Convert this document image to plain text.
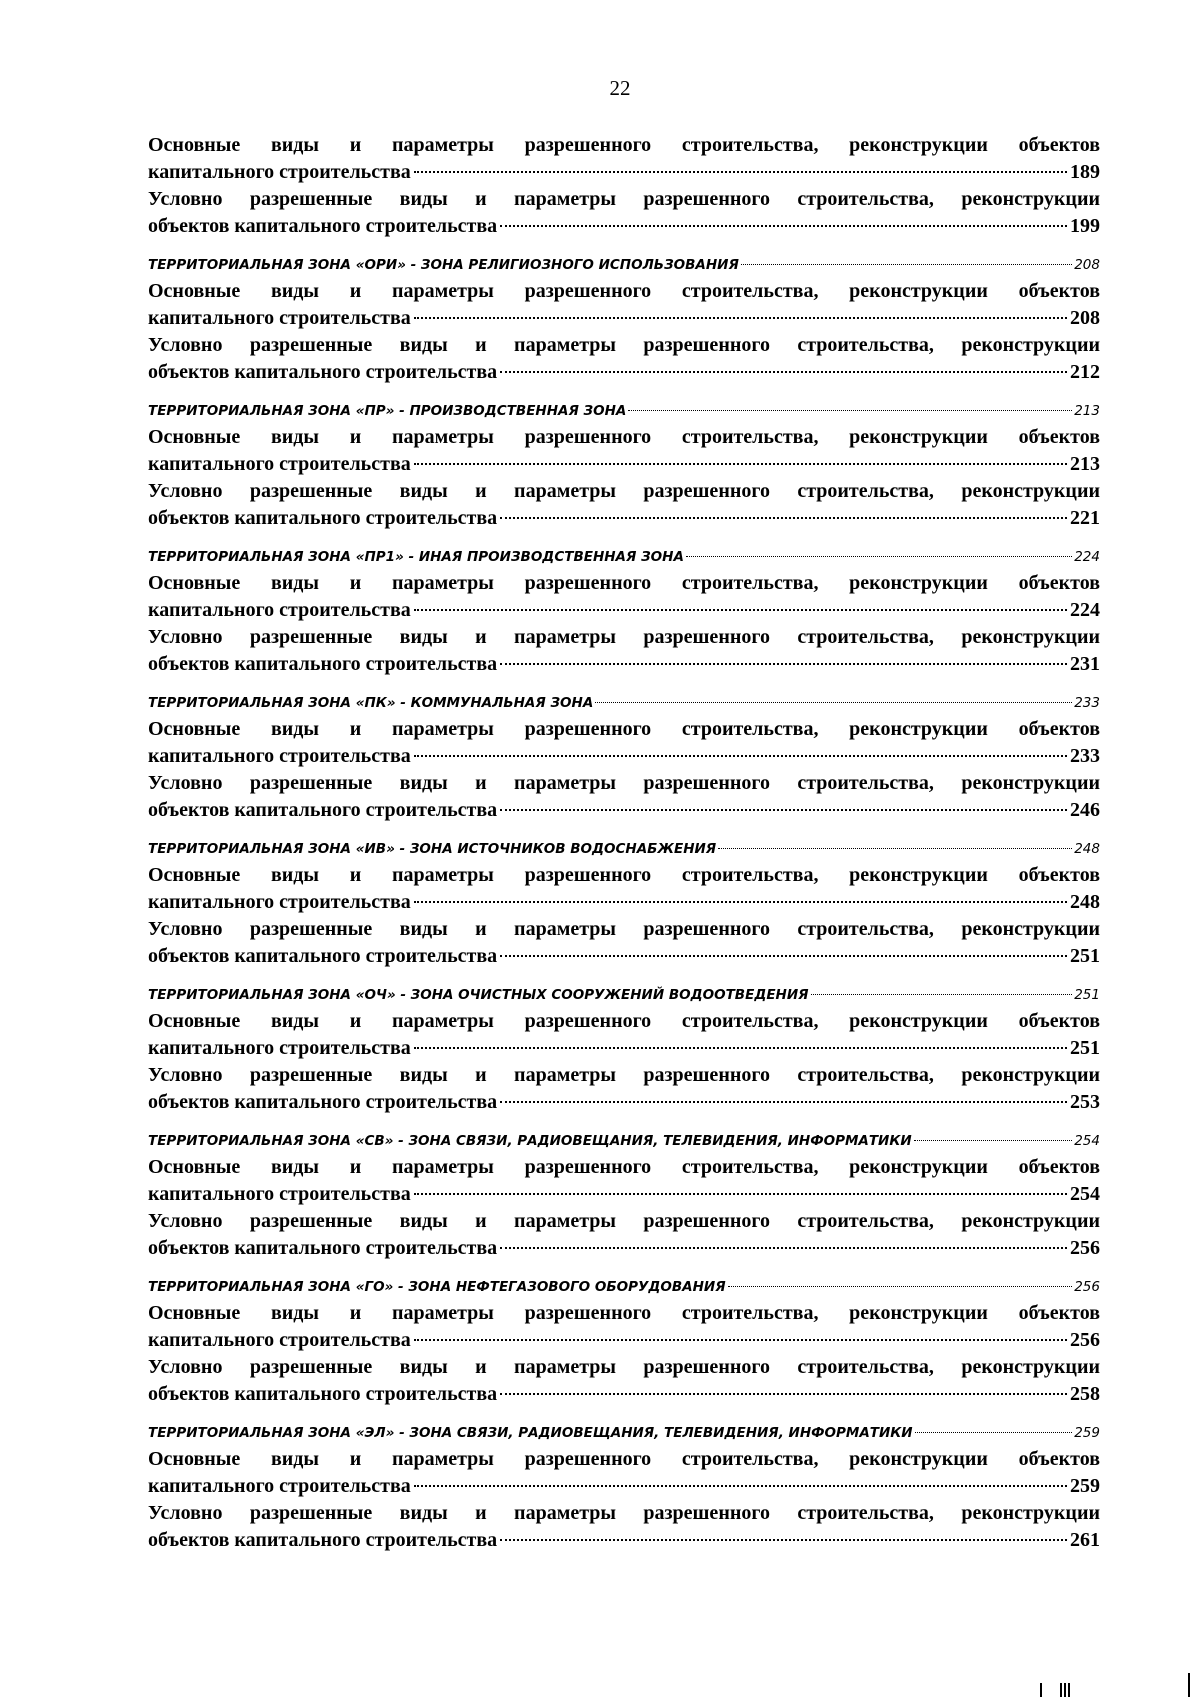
22
Основные виды и параметры разрешенного строительства, реконструкции объектов
капитального строительства	189
Условно разрешенные виды и параметры разрешенного строительства, реконструкции
объектов капитального строительства	199
ТЕРРИТОРИАЛЬНАЯ ЗОНА «ОРИ» - ЗОНА РЕЛИГИОЗНОГО ИСПОЛЬЗОВАНИЯ	208
Основные виды и параметры разрешенного строительства, реконструкции объектов
капитального строительства	208
Условно разрешенные виды и параметры разрешенного строительства, реконструкции
объектов капитального строительства	212
ТЕРРИТОРИАЛЬНАЯ ЗОНА «ПР» - ПРОИЗВОДСТВЕННАЯ ЗОНА	213
Основные виды и параметры разрешенного строительства, реконструкции объектов
капитального строительства	213
Условно разрешенные виды и параметры разрешенного строительства, реконструкции
объектов капитального строительства	221
ТЕРРИТОРИАЛЬНАЯ ЗОНА «ПР1» - ИНАЯ ПРОИЗВОДСТВЕННАЯ ЗОНА	224
Основные виды и параметры разрешенного строительства, реконструкции объектов
капитального строительства	224
Условно разрешенные виды и параметры разрешенного строительства, реконструкции
объектов капитального строительства	231
ТЕРРИТОРИАЛЬНАЯ ЗОНА «ПК» - КОММУНАЛЬНАЯ ЗОНА	233
Основные виды и параметры разрешенного строительства, реконструкции объектов
капитального строительства	233
Условно разрешенные виды и параметры разрешенного строительства, реконструкции
объектов капитального строительства	246
ТЕРРИТОРИАЛЬНАЯ ЗОНА «ИВ» - ЗОНА ИСТОЧНИКОВ ВОДОСНАБЖЕНИЯ	248
Основные виды и параметры разрешенного строительства, реконструкции объектов
капитального строительства	248
Условно разрешенные виды и параметры разрешенного строительства, реконструкции
объектов капитального строительства	251
ТЕРРИТОРИАЛЬНАЯ ЗОНА «ОЧ» - ЗОНА ОЧИСТНЫХ СООРУЖЕНИЙ ВОДООТВЕДЕНИЯ	251
Основные виды и параметры разрешенного строительства, реконструкции объектов
капитального строительства	251
Условно разрешенные виды и параметры разрешенного строительства, реконструкции
объектов капитального строительства	253
ТЕРРИТОРИАЛЬНАЯ ЗОНА «СВ» - ЗОНА СВЯЗИ, РАДИОВЕЩАНИЯ, ТЕЛЕВИДЕНИЯ, ИНФОРМАТИКИ	254
Основные виды и параметры разрешенного строительства, реконструкции объектов
капитального строительства	254
Условно разрешенные виды и параметры разрешенного строительства, реконструкции
объектов капитального строительства	256
ТЕРРИТОРИАЛЬНАЯ ЗОНА «ГО» - ЗОНА НЕФТЕГАЗОВОГО ОБОРУДОВАНИЯ	256
Основные виды и параметры разрешенного строительства, реконструкции объектов
капитального строительства	256
Условно разрешенные виды и параметры разрешенного строительства, реконструкции
объектов капитального строительства	258
ТЕРРИТОРИАЛЬНАЯ ЗОНА «ЭЛ» - ЗОНА СВЯЗИ, РАДИОВЕЩАНИЯ, ТЕЛЕВИДЕНИЯ, ИНФОРМАТИКИ	259
Основные виды и параметры разрешенного строительства, реконструкции объектов
капитального строительства	259
Условно разрешенные виды и параметры разрешенного строительства, реконструкции
объектов капитального строительства	261
